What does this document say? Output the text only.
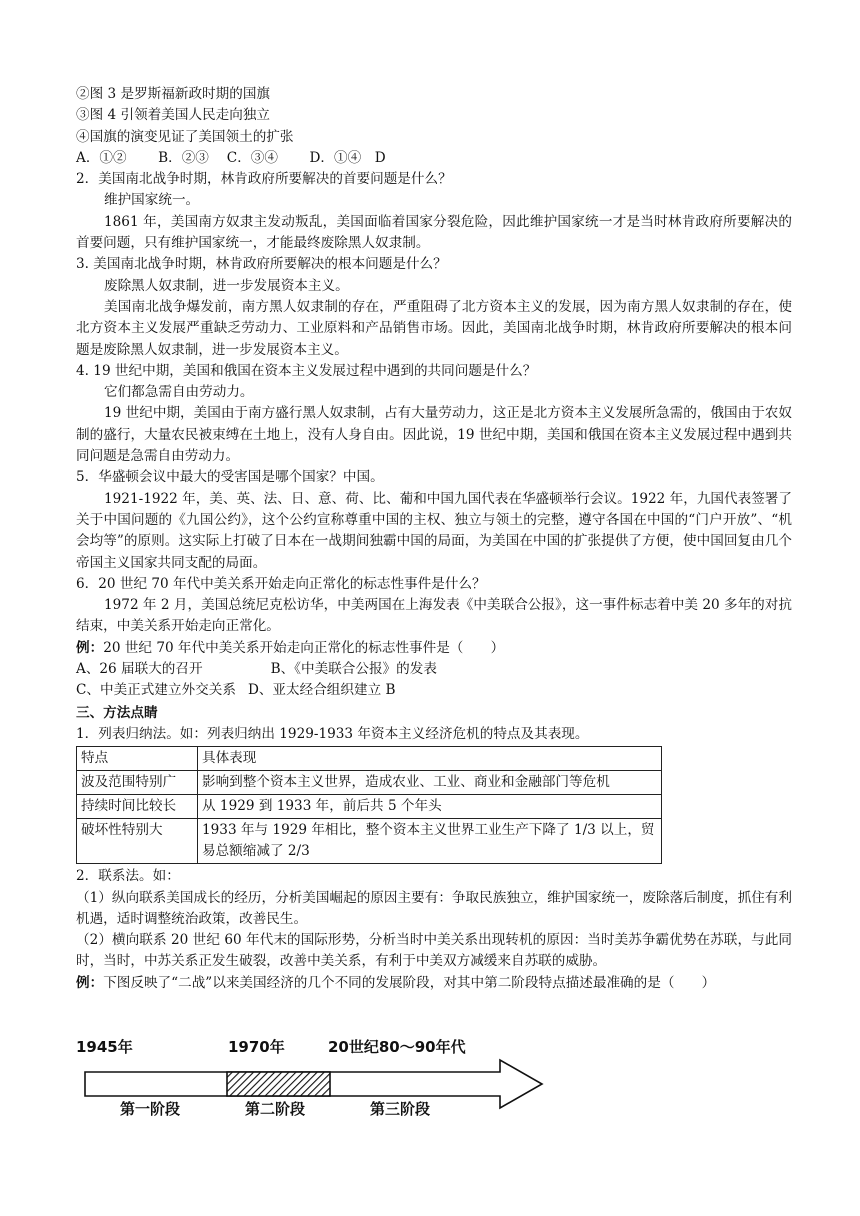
②图 3 是罗斯福新政时期的国旗
③图 4 引领着美国人民走向独立
④国旗的演变见证了美国领土的扩张
A．①②　　 B．②③　 C．③④　　 D．①④　D
2．美国南北战争时期，林肯政府所要解决的首要问题是什么？
维护国家统一。
1861 年，美国南方奴隶主发动叛乱，美国面临着国家分裂危险，因此维护国家统一才是当时林肯政府所要解决的首要问题，只有维护国家统一，才能最终废除黑人奴隶制。
3. 美国南北战争时期，林肯政府所要解决的根本问题是什么？
废除黑人奴隶制，进一步发展资本主义。
美国南北战争爆发前，南方黑人奴隶制的存在，严重阻碍了北方资本主义的发展，因为南方黑人奴隶制的存在，使北方资本主义发展严重缺乏劳动力、工业原料和产品销售市场。因此，美国南北战争时期，林肯政府所要解决的根本问题是废除黑人奴隶制，进一步发展资本主义。
4. 19 世纪中期，美国和俄国在资本主义发展过程中遇到的共同问题是什么？
它们都急需自由劳动力。
19 世纪中期，美国由于南方盛行黑人奴隶制，占有大量劳动力，这正是北方资本主义发展所急需的，俄国由于农奴制的盛行，大量农民被束缚在土地上，没有人身自由。因此说，19 世纪中期，美国和俄国在资本主义发展过程中遇到共同问题是急需自由劳动力。
5．华盛顿会议中最大的受害国是哪个国家？中国。
1921-1922 年，美、英、法、日、意、荷、比、葡和中国九国代表在华盛顿举行会议。1922 年，九国代表签署了关于中国问题的《九国公约》，这个公约宣称尊重中国的主权、独立与领土的完整，遵守各国在中国的“门户开放”、“机会均等”的原则。这实际上打破了日本在一战期间独霸中国的局面，为美国在中国的扩张提供了方便，使中国回复由几个帝国主义国家共同支配的局面。
6．20 世纪 70 年代中美关系开始走向正常化的标志性事件是什么？
1972 年 2 月，美国总统尼克松访华，中美两国在上海发表《中美联合公报》，这一事件标志着中美 20 多年的对抗结束，中美关系开始走向正常化。
例：20 世纪 70 年代中美关系开始走向正常化的标志性事件是（　　）
A、26 届联大的召开	B、《中美联合公报》的发表
C、中美正式建立外交关系 D、亚太经合组织建立 B
三、方法点睛
1．列表归纳法。如：列表归纳出 1929-1933 年资本主义经济危机的特点及其表现。
特点	具体表现
波及范围特别广	影响到整个资本主义世界，造成农业、工业、商业和金融部门等危机
持续时间比较长	从 1929 到 1933 年，前后共 5 个年头
破坏性特别大	1933 年与 1929 年相比，整个资本主义世界工业生产下降了 1/3 以上，贸易总额缩减了 2/3
2．联系法。如：
（1）纵向联系美国成长的经历，分析美国崛起的原因主要有：争取民族独立，维护国家统一，废除落后制度，抓住有利机遇，适时调整统治政策，改善民生。
（2）横向联系 20 世纪 60 年代末的国际形势，分析当时中美关系出现转机的原因：当时美苏争霸优势在苏联，与此同时，当时，中苏关系正发生破裂，改善中美关系，有利于中美双方减缓来自苏联的威胁。
例：下图反映了“二战”以来美国经济的几个不同的发展阶段，对其中第二阶段特点描述最准确的是（　　）
1945年	1970年	20世纪80～90年代
第一阶段	第二阶段	第三阶段
